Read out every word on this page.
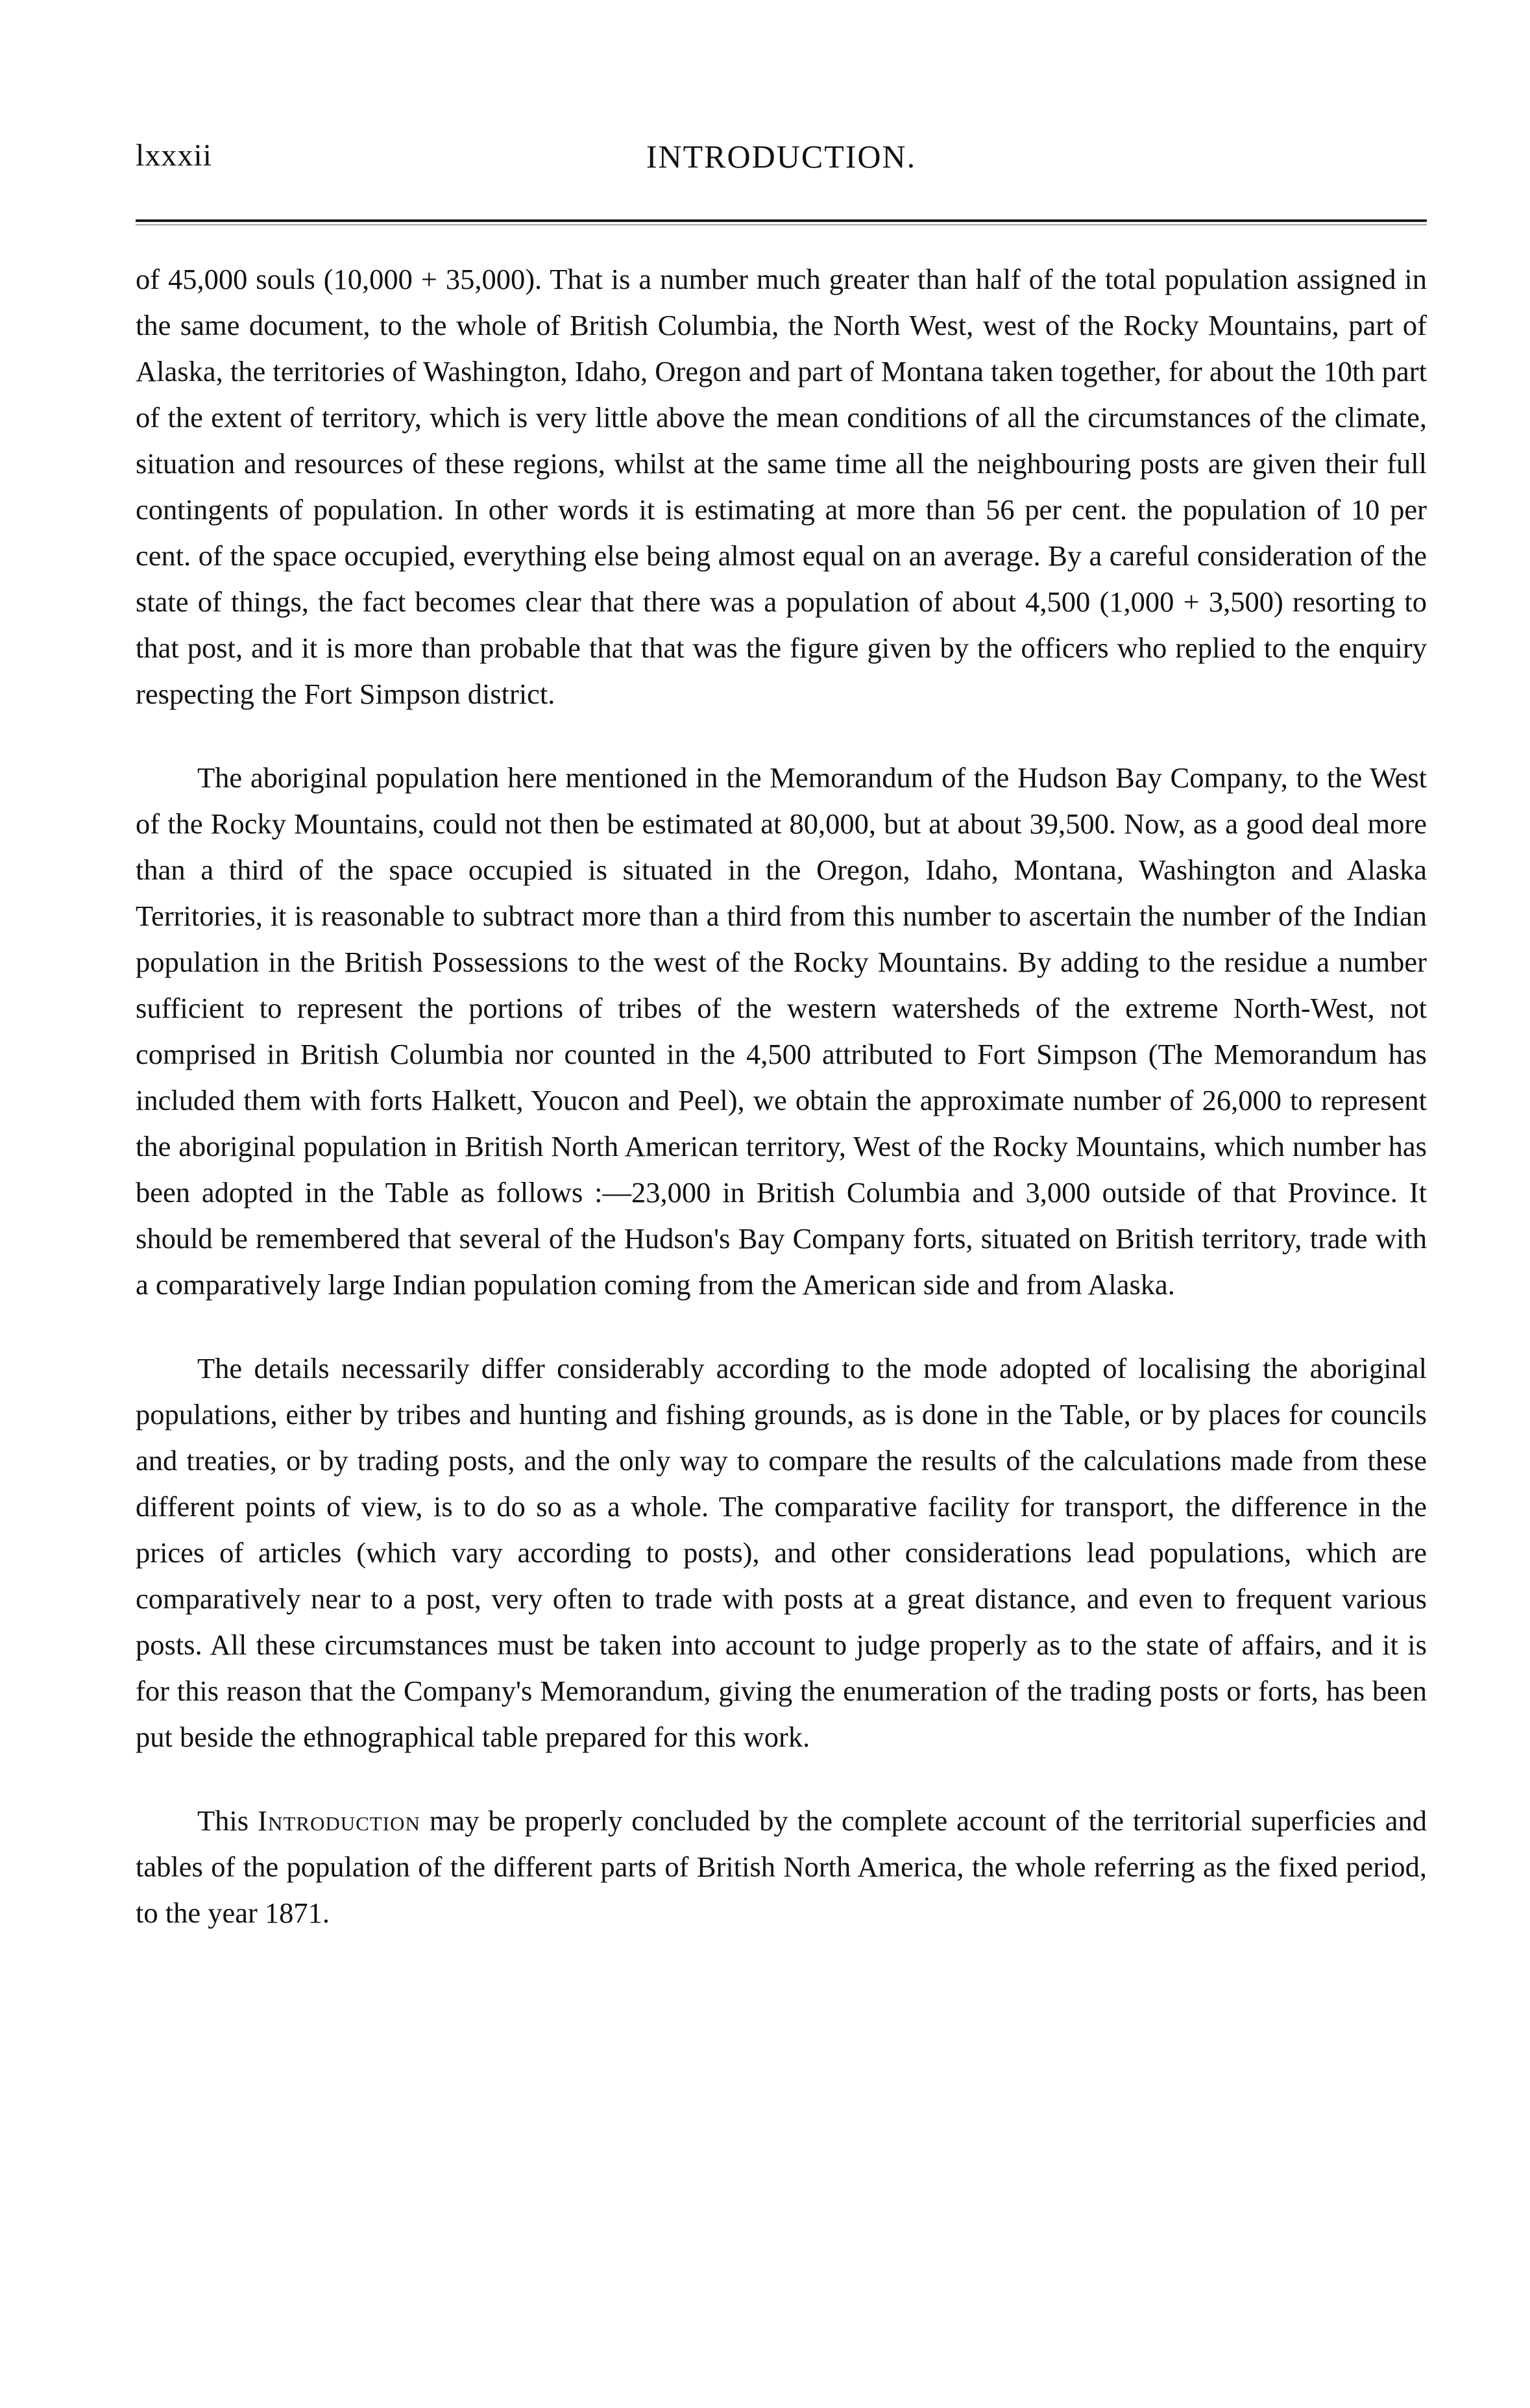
lxxxii	INTRODUCTION.

of 45,000 souls (10,000 + 35,000). That is a number much greater than half of the total population assigned in the same document, to the whole of British Columbia, the North West, west of the Rocky Mountains, part of Alaska, the territories of Washington, Idaho, Oregon and part of Montana taken together, for about the 10th part of the extent of territory, which is very little above the mean conditions of all the circumstances of the climate, situation and resources of these regions, whilst at the same time all the neighbouring posts are given their full contingents of population. In other words it is estimating at more than 56 per cent. the population of 10 per cent. of the space occupied, everything else being almost equal on an average. By a careful consideration of the state of things, the fact becomes clear that there was a population of about 4,500 (1,000 + 3,500) resorting to that post, and it is more than probable that that was the figure given by the officers who replied to the enquiry respecting the Fort Simpson district.

The aboriginal population here mentioned in the Memorandum of the Hudson Bay Company, to the West of the Rocky Mountains, could not then be estimated at 80,000, but at about 39,500. Now, as a good deal more than a third of the space occupied is situated in the Oregon, Idaho, Montana, Washington and Alaska Territories, it is reasonable to subtract more than a third from this number to ascertain the number of the Indian population in the British Possessions to the west of the Rocky Mountains. By adding to the residue a number sufficient to represent the portions of tribes of the western watersheds of the extreme North-West, not comprised in British Columbia nor counted in the 4,500 attributed to Fort Simpson (The Memorandum has included them with forts Halkett, Youcon and Peel), we obtain the approximate number of 26,000 to represent the aboriginal population in British North American territory, West of the Rocky Mountains, which number has been adopted in the Table as follows :—23,000 in British Columbia and 3,000 outside of that Province. It should be remembered that several of the Hudson's Bay Company forts, situated on British territory, trade with a comparatively large Indian population coming from the American side and from Alaska.

The details necessarily differ considerably according to the mode adopted of localising the aboriginal populations, either by tribes and hunting and fishing grounds, as is done in the Table, or by places for councils and treaties, or by trading posts, and the only way to compare the results of the calculations made from these different points of view, is to do so as a whole. The comparative facility for transport, the difference in the prices of articles (which vary according to posts), and other considerations lead populations, which are comparatively near to a post, very often to trade with posts at a great distance, and even to frequent various posts. All these circumstances must be taken into account to judge properly as to the state of affairs, and it is for this reason that the Company's Memorandum, giving the enumeration of the trading posts or forts, has been put beside the ethnographical table prepared for this work.

This Introduction may be properly concluded by the complete account of the territorial superficies and tables of the population of the different parts of British North America, the whole referring as the fixed period, to the year 1871.
